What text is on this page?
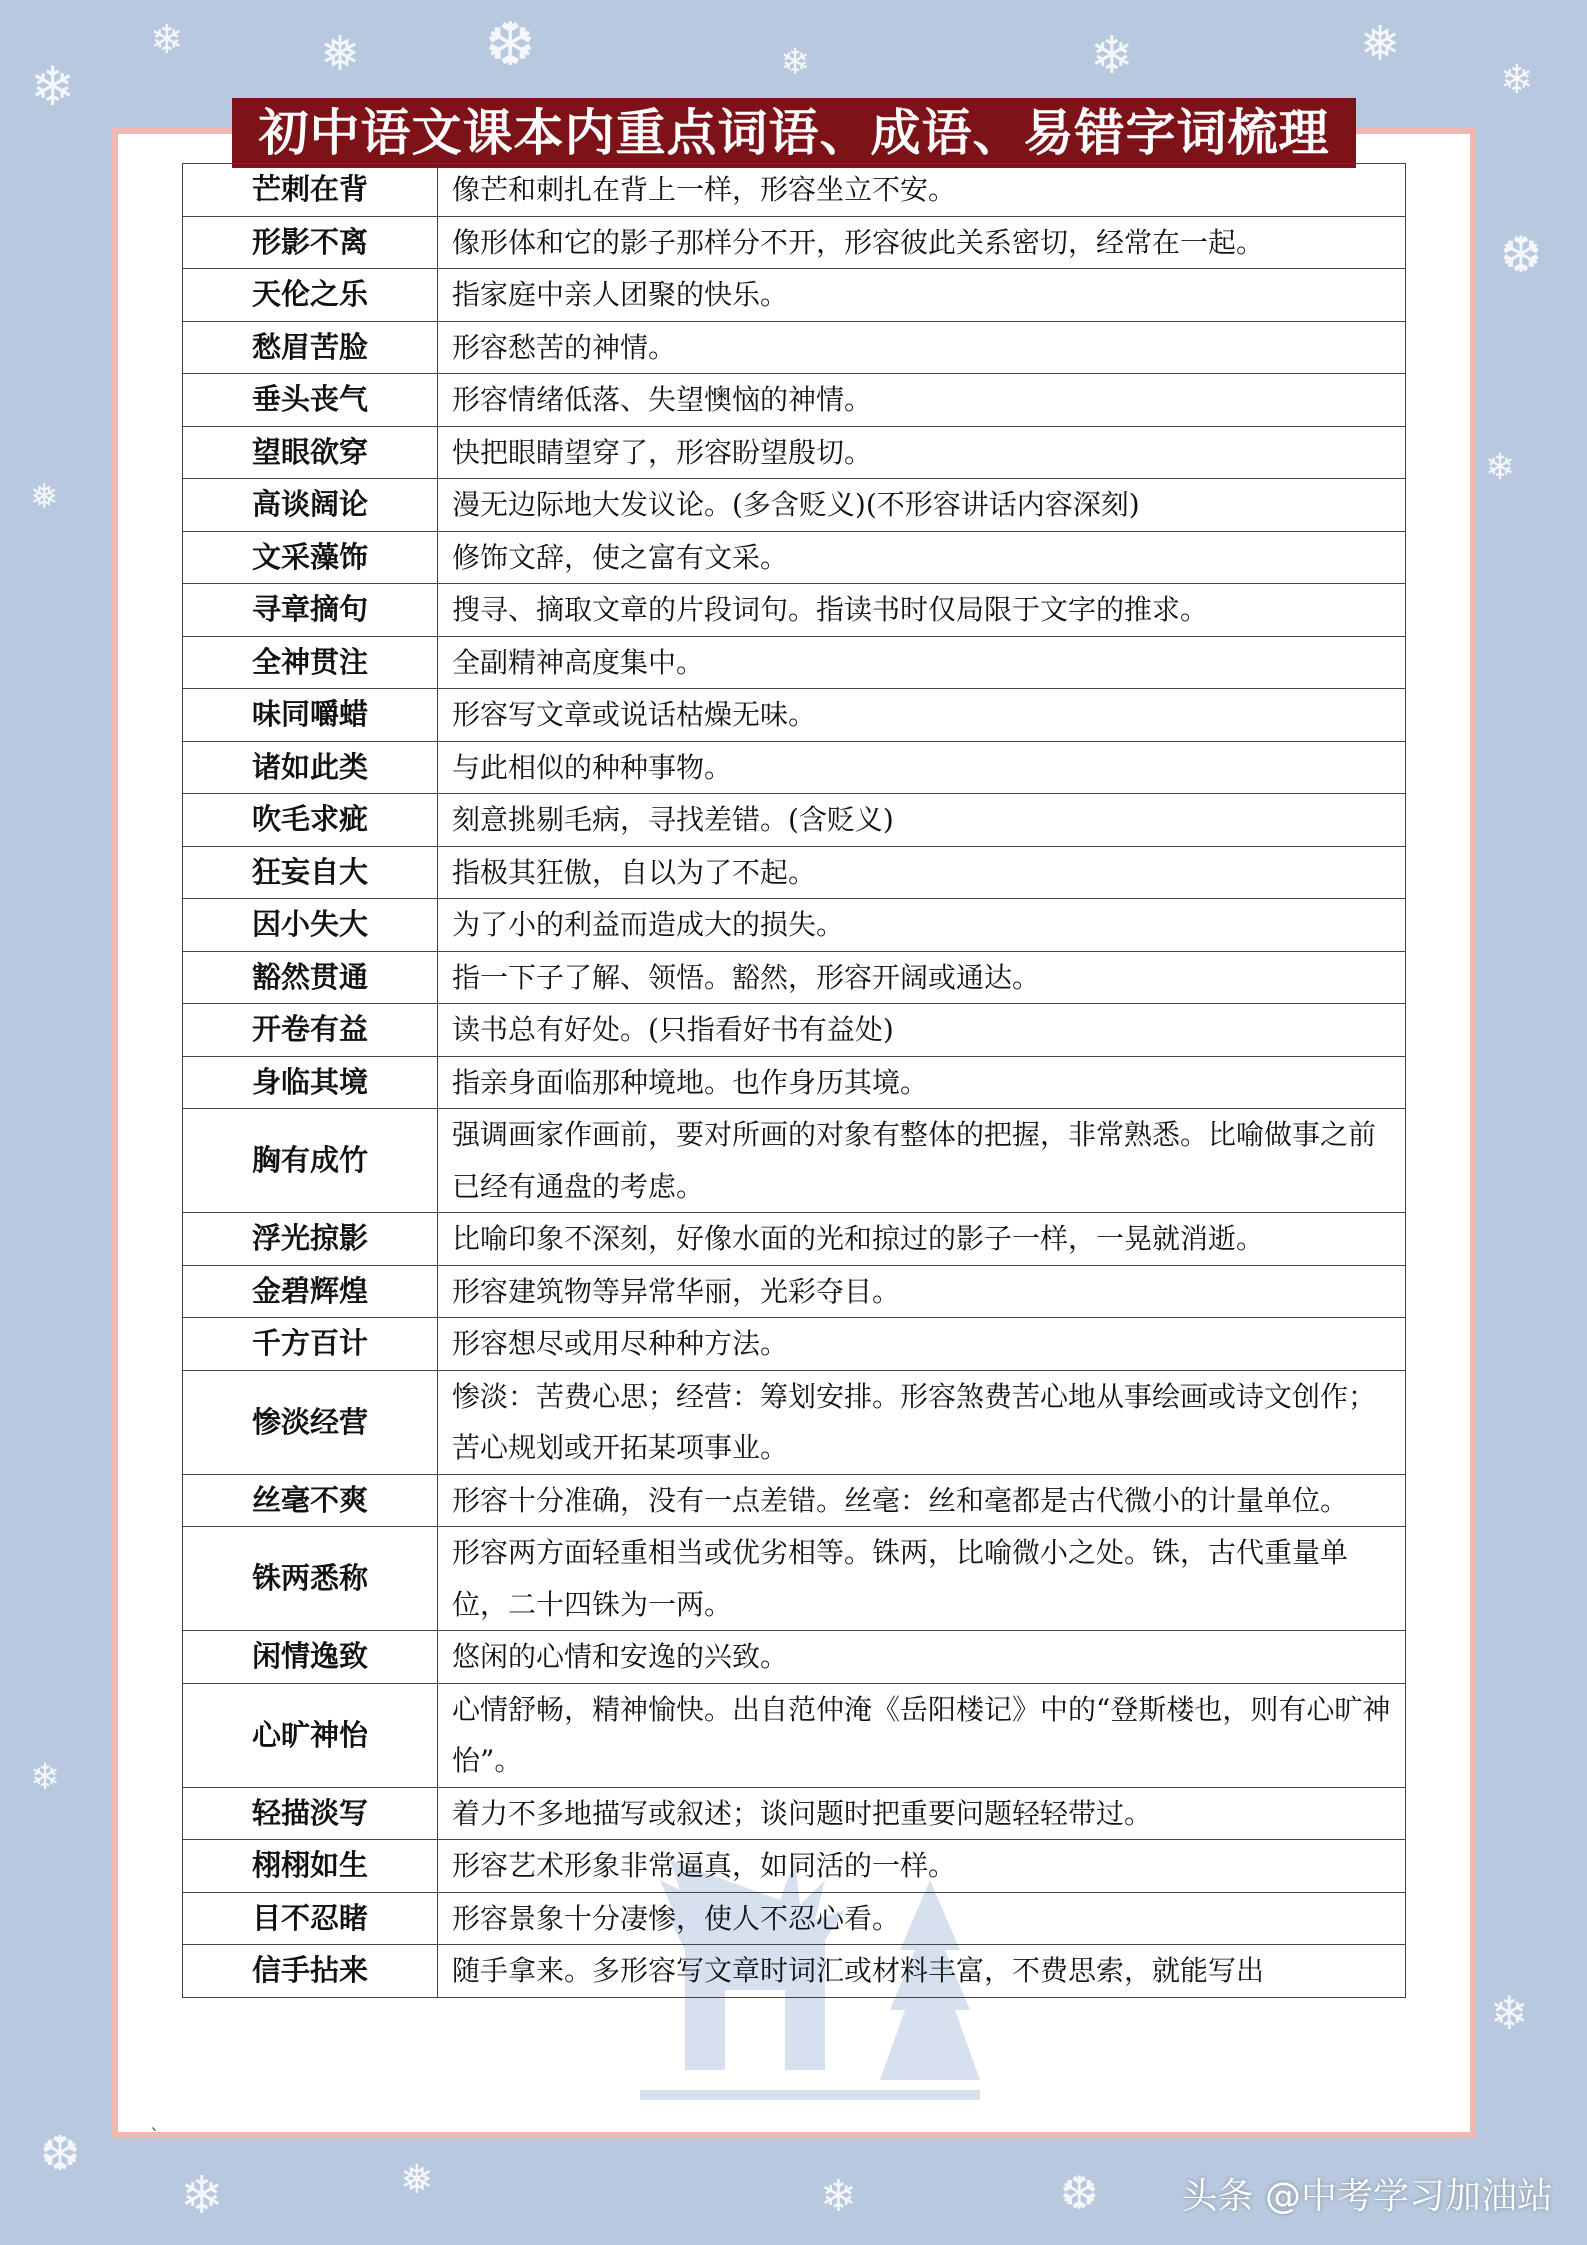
❄
❄	❅ ❆	❄	❄	❅
❄
❆
❄
❅
❄
❄
❆
❄	❅	❄	❆
初中语文课本内重点词语、成语、易错字词梳理
芒刺在背	像芒和刺扎在背上一样，形容坐立不安。
形影不离	像形体和它的影子那样分不开，形容彼此关系密切，经常在一起。
天伦之乐	指家庭中亲人团聚的快乐。
愁眉苦脸	形容愁苦的神情。
垂头丧气	形容情绪低落、失望懊恼的神情。
望眼欲穿	快把眼睛望穿了，形容盼望殷切。
高谈阔论	漫无边际地大发议论。(多含贬义)(不形容讲话内容深刻)
文采藻饰	修饰文辞，使之富有文采。
寻章摘句	搜寻、摘取文章的片段词句。指读书时仅局限于文字的推求。
全神贯注	全副精神高度集中。
味同嚼蜡	形容写文章或说话枯燥无味。
诸如此类	与此相似的种种事物。
吹毛求疵	刻意挑剔毛病，寻找差错。(含贬义)
狂妄自大	指极其狂傲，自以为了不起。
因小失大	为了小的利益而造成大的损失。
豁然贯通	指一下子了解、领悟。豁然，形容开阔或通达。
开卷有益	读书总有好处。(只指看好书有益处)
身临其境	指亲身面临那种境地。也作身历其境。
胸有成竹	强调画家作画前，要对所画的对象有整体的把握，非常熟悉。比喻做事之前已经有通盘的考虑。
浮光掠影	比喻印象不深刻，好像水面的光和掠过的影子一样，一晃就消逝。
金碧辉煌	形容建筑物等异常华丽，光彩夺目。
千方百计	形容想尽或用尽种种方法。
惨淡经营	惨淡：苦费心思；经营：筹划安排。形容煞费苦心地从事绘画或诗文创作；苦心规划或开拓某项事业。
丝毫不爽	形容十分准确，没有一点差错。丝毫：丝和毫都是古代微小的计量单位。
铢两悉称	形容两方面轻重相当或优劣相等。铢两，比喻微小之处。铢，古代重量单位，二十四铢为一两。
闲情逸致	悠闲的心情和安逸的兴致。
心旷神怡	心情舒畅，精神愉快。出自范仲淹《岳阳楼记》中的“登斯楼也，则有心旷神怡”。
轻描淡写	着力不多地描写或叙述；谈问题时把重要问题轻轻带过。
栩栩如生	形容艺术形象非常逼真，如同活的一样。
目不忍睹	形容景象十分凄惨，使人不忍心看。
信手拈来	随手拿来。多形容写文章时词汇或材料丰富，不费思索，就能写出
`
头条 @中考学习加油站
